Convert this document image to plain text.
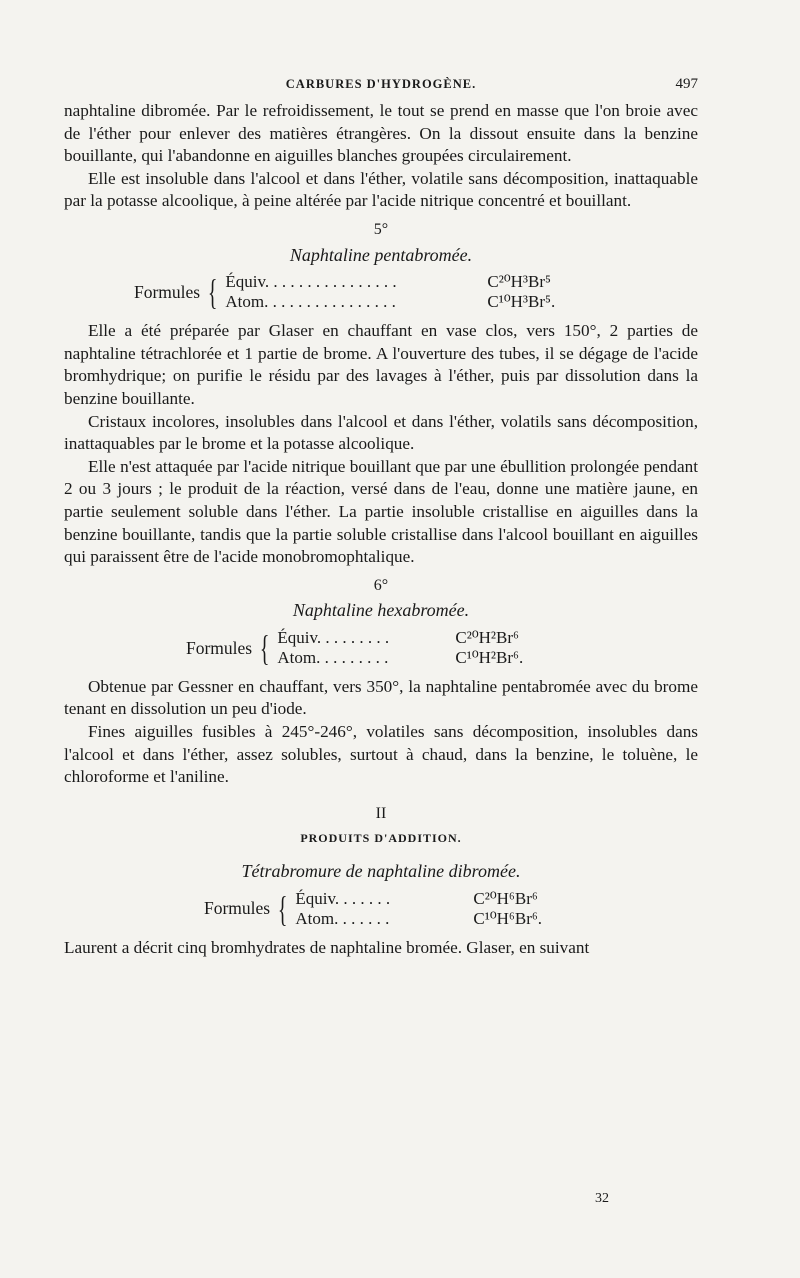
CARBURES D'HYDROGÈNE.	497

naphtaline dibromée. Par le refroidissement, le tout se prend en masse que l'on broie avec de l'éther pour enlever des matières étrangères. On la dissout ensuite dans la benzine bouillante, qui l'abandonne en aiguilles blanches groupées circulairement.

Elle est insoluble dans l'alcool et dans l'éther, volatile sans décomposition, inattaquable par la potasse alcoolique, à peine altérée par l'acide nitrique concentré et bouillant.

5°
Naphtaline pentabromée.
Formules { Équiv. . . . . . . . . . . . . . . .	C²⁰H³Br⁵
Atom. . . . . . . . . . . . . . . .	C¹⁰H³Br⁵.

Elle a été préparée par Glaser en chauffant en vase clos, vers 150°, 2 parties de naphtaline tétrachlorée et 1 partie de brome. A l'ouverture des tubes, il se dégage de l'acide bromhydrique; on purifie le résidu par des lavages à l'éther, puis par dissolution dans la benzine bouillante.

Cristaux incolores, insolubles dans l'alcool et dans l'éther, volatils sans décomposition, inattaquables par le brome et la potasse alcoolique.

Elle n'est attaquée par l'acide nitrique bouillant que par une ébullition prolongée pendant 2 ou 3 jours ; le produit de la réaction, versé dans de l'eau, donne une matière jaune, en partie seulement soluble dans l'éther. La partie insoluble cristallise en aiguilles dans la benzine bouillante, tandis que la partie soluble cristallise dans l'alcool bouillant en aiguilles qui paraissent être de l'acide monobromophtalique.

6°
Naphtaline hexabromée.
Formules { Équiv. . . . . . . . .	C²⁰H²Br⁶
Atom. . . . . . . . .	C¹⁰H²Br⁶.

Obtenue par Gessner en chauffant, vers 350°, la naphtaline pentabromée avec du brome tenant en dissolution un peu d'iode.

Fines aiguilles fusibles à 245°-246°, volatiles sans décomposition, insolubles dans l'alcool et dans l'éther, assez solubles, surtout à chaud, dans la benzine, le toluène, le chloroforme et l'aniline.

II
PRODUITS D'ADDITION.
Tétrabromure de naphtaline dibromée.
Formules { Équiv. . . . . . .	C²⁰H⁶Br⁶
Atom. . . . . . .	C¹⁰H⁶Br⁶.

Laurent a décrit cinq bromhydrates de naphtaline bromée. Glaser, en suivant

32
